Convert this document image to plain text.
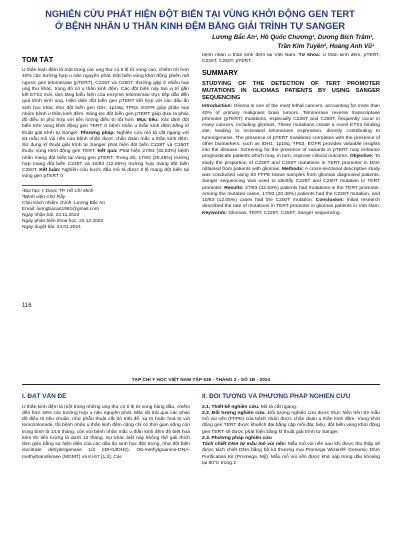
NGHIÊN CỨU PHÁT HIỆN ĐỘT BIẾN TẠI VÙNG KHỞI ĐỘNG GEN TERT
Ở BỆNH NHÂN U THẦN KINH ĐỆM BẰNG GIẢI TRÌNH TỰ SANGER
Lương Bắc An¹, Hồ Quốc Chương¹, Dương Bích Trâm¹,
Trần Kim Tuyền², Hoàng Anh Vũ¹
TÓM TẮT

U thần kinh đệm là một trong các ung thư có tỉ lệ tử vong cao, chiếm tới hơn 40% các trường hợp u não nguyên phát. Đột biến vùng khởi động phiên mã ngược gen telomerase (pTERT), C228T và C250T, thường gặp ở nhiều loại ung thư khác, trong đó có u thần kinh đệm. Các đột biến này tạo vị trí gắn kết ETS1 mới, làm tăng biểu hiện của enzyme telomerase trực tiếp dẫn đến quá trình sinh ung. Hiện diện đột biến gen pTERT kết hợp với các dấu ấn sinh học khác như đột biến gen IDH, 1p19q, TP53, EGFR giúp phân loại nhóm bệnh u thần kinh đệm. Sàng lọc đột biến gen pTERT giúp đưa ra phác đồ điều trị phù hợp với tiên lượng điều trị tốt hơn. Mục tiêu: Xác định đột biến trên vùng khởi động gen TERT ở bệnh nhân u thần kinh đệm bằng kĩ thuật giải trình tự Sanger. Phương pháp: Nghiên cứu mô tả cắt ngang với 83 mẫu mô vùi nến của bệnh nhân được chẩn đoán mắc u thần kinh đệm. Sử dụng kĩ thuật giải trình tự Sanger phát hiện đột biến C228T và C250T thuộc vùng khởi động gen TERT. Kết quả: Phát hiện 27/83 (32,53%) bệnh nhân mang đột biến tại vùng gen pTERT. Trong đó, 17/83 (20,48%) trường hợp mang đột biến C228T và 10/83 (12,05%) trường hợp mang đột biến C250T. Kết luận: Nghiên cứu bước đầu mô tả được tỉ lệ mang đột biến tại vùng gen pTERT ở

¹Đại học Y Dược TP. Hồ Chí Minh

²Bệnh viện Chợ Rẫy

Chịu trách nhiệm chính: Lương Bắc An

Email: luongbacan1991@gmail.com

Ngày nhận bài: 23.11.2023

Ngày phản biện khoa học: 22.12.2023

Ngày duyệt bài: 24.01.2024

116

bệnh nhân u thần kinh đệm tại Việt Nam. Từ khóa: U thần kinh đệm, pTERT, C228T, C250T, pTERT.

SUMMARY
STUDYING OF THE DETECTION OF TERT PROMOTER MUTATIONS IN GLIOMAS PATIENTS BY USING SANGER SEQUENCING

Introduction: Glioma is one of the most lethal cancers, accounting for more than 40% of primary malignant brain tumors. Telomerase reverse transcriptase promoter (pTERT) mutations, especially C228T and C250T, frequently occur in many cancers, including gliomas. These mutations create a novel ETS1 binding site, leading to increased telomerase expression, directly contributing to tumorigenesis. The presence of pTERT mutations correlates with the presence of other biomarkers, such as IDH1, 1p19q, TP53, EGFR provides valuable insights into the disease. Screening for the presence of variants in pTERT may enhance prognosticate patients which may, in turn, improve clinical outcome. Objective: To study the proportion of C228T and C250T mutations in TERT promoter in DNA obtained from patients with gliomas. Methods: A cross-sectional descriptive study was conducted using 83 FFPE tissue samples from gliomas diagnosed patients. Sanger sequencing was used to identify C228T and C250T mutation in TERT promoter. Results: 27/83 (32.53%) patients had mutations in the TERT promoter. Among the mutated cases, 17/83 (20.48%) patients had the C228T mutation, and 10/83 (12.05%) cases had the C250T mutation. Conclusion: Initial research described the rate of mutations in TERT promoter in gliomas patients in Viet Nam. Keywords: Gliomas, TERT, C228T, C250T, Sanger sequencing.

TẠP CHÍ Y HỌC VIỆT NAM TẬP 535 - THÁNG 2 - SỐ 1B - 2024
I. ĐẶT VẤN ĐỀ

U thần kinh đệm là một trong những ung thư có tỉ lệ tử vong hàng đầu, chiếm đến hơn 40% các trường hợp u não nguyên phát. Mặc dù trải qua các phác đồ điều trị tiêu chuẩn, như phẫu thuật cắt bỏ triệt để, xạ trị hoặc hoá trị với temozolomide, thì bệnh nhân u thần kinh đệm cũng chỉ có thời gian sống còn trung bình là 14,6 tháng, còn với bệnh nhân mắc u thần kinh đệm độ biệt hoá kém thì tiên lượng là dưới 12 tháng. Sự khác biệt này không thể giải thích đơn giản bằng sự hiện diện của các dấu ấn sinh học đặc trưng, như đột biến isocitrate dehydrogenase 1/2 (IDH1/IDH2), O6-methylguanine-DNA-methyltransferase (MGMT) và Ki-67 [1,2]. Các

II. ĐỐI TƯỢNG VÀ PHƯƠNG PHÁP NGHIÊN CỨU

2.1. Thiết kế nghiên cứu. Mô tả cắt ngang.

2.2. Đối tượng nghiên cứu. Đối tượng nghiên cứu được thực hiện trên 83 mẫu mô vùi nến (FFPE) của bệnh nhân được chẩn đoán u thần kinh đệm. Vùng khởi động gen TERT được khuếch đại bằng cặp mồi đặc hiệu, đột biến vùng khởi động gen TERT sẽ được phát hiện bằng kĩ thuật giải trình tự Sanger.

2.3. Phương pháp nghiên cứu

Tách chiết DNA từ mẫu mô vùi nến: Mẫu mô vùi nến sau khi được thu thập sẽ được tách chiết DNA bằng bộ kit thương mại Promega Wizard® Genomic DNA Purification Kit (Promega, Mỹ). Mẫu mô vùi nến được khử sáp trong dầu khoáng tại 80°C trong 2
